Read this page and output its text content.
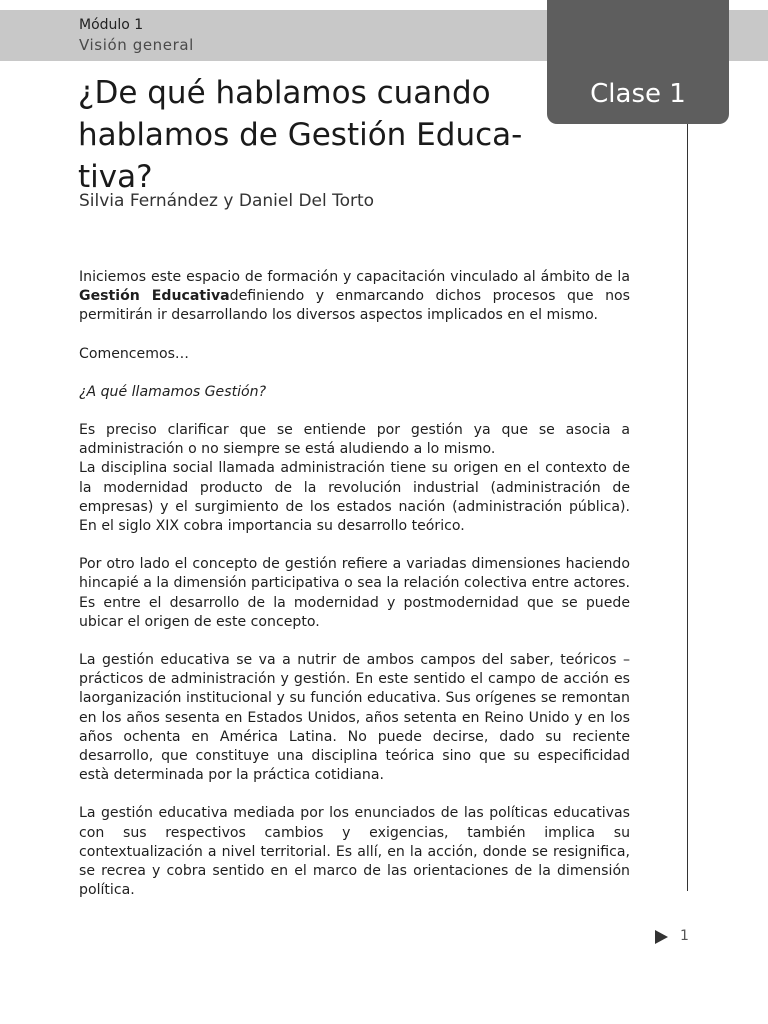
Módulo 1
Visión general
Clase 1
¿De qué hablamos cuando hablamos de Gestión Educa-tiva?
Silvia Fernández y Daniel Del Torto

Iniciemos este espacio de formación y capacitación vinculado al ámbito de la Gestión Educativadefiniendo y enmarcando dichos procesos que nos permitirán ir desarrollando los diversos aspectos implicados en el mismo.

Comencemos…

¿A qué llamamos Gestión?

Es preciso clarificar que se entiende por gestión ya que se asocia a administración o no siempre se está aludiendo a lo mismo.

La disciplina social llamada administración tiene su origen en el contexto de la modernidad producto de la revolución industrial (administración de empresas) y el surgimiento de los estados nación (administración pública). En el siglo XIX cobra importancia su desarrollo teórico.

Por otro lado el concepto de gestión refiere a variadas dimensiones haciendo hincapié a la dimensión participativa o sea la relación colectiva entre actores. Es entre el desarrollo de la modernidad y postmodernidad que se puede ubicar el origen de este concepto.

La gestión educativa se va a nutrir de ambos campos del saber, teóricos – prácticos de administración y gestión. En este sentido el campo de acción es laorganización institucional y su función educativa. Sus orígenes se remontan en los años sesenta en Estados Unidos, años setenta en Reino Unido y en los años ochenta en América Latina. No puede decirse, dado su reciente desarrollo, que constituye una disciplina teórica sino que su especificidad està determinada por la práctica cotidiana.

La gestión educativa mediada por los enunciados de las políticas educativas con sus respectivos cambios y exigencias, también implica su contextualización a nivel territorial. Es allí, en la acción, donde se resignifica, se recrea y cobra sentido en el marco de las orientaciones de la dimensión política.

1
